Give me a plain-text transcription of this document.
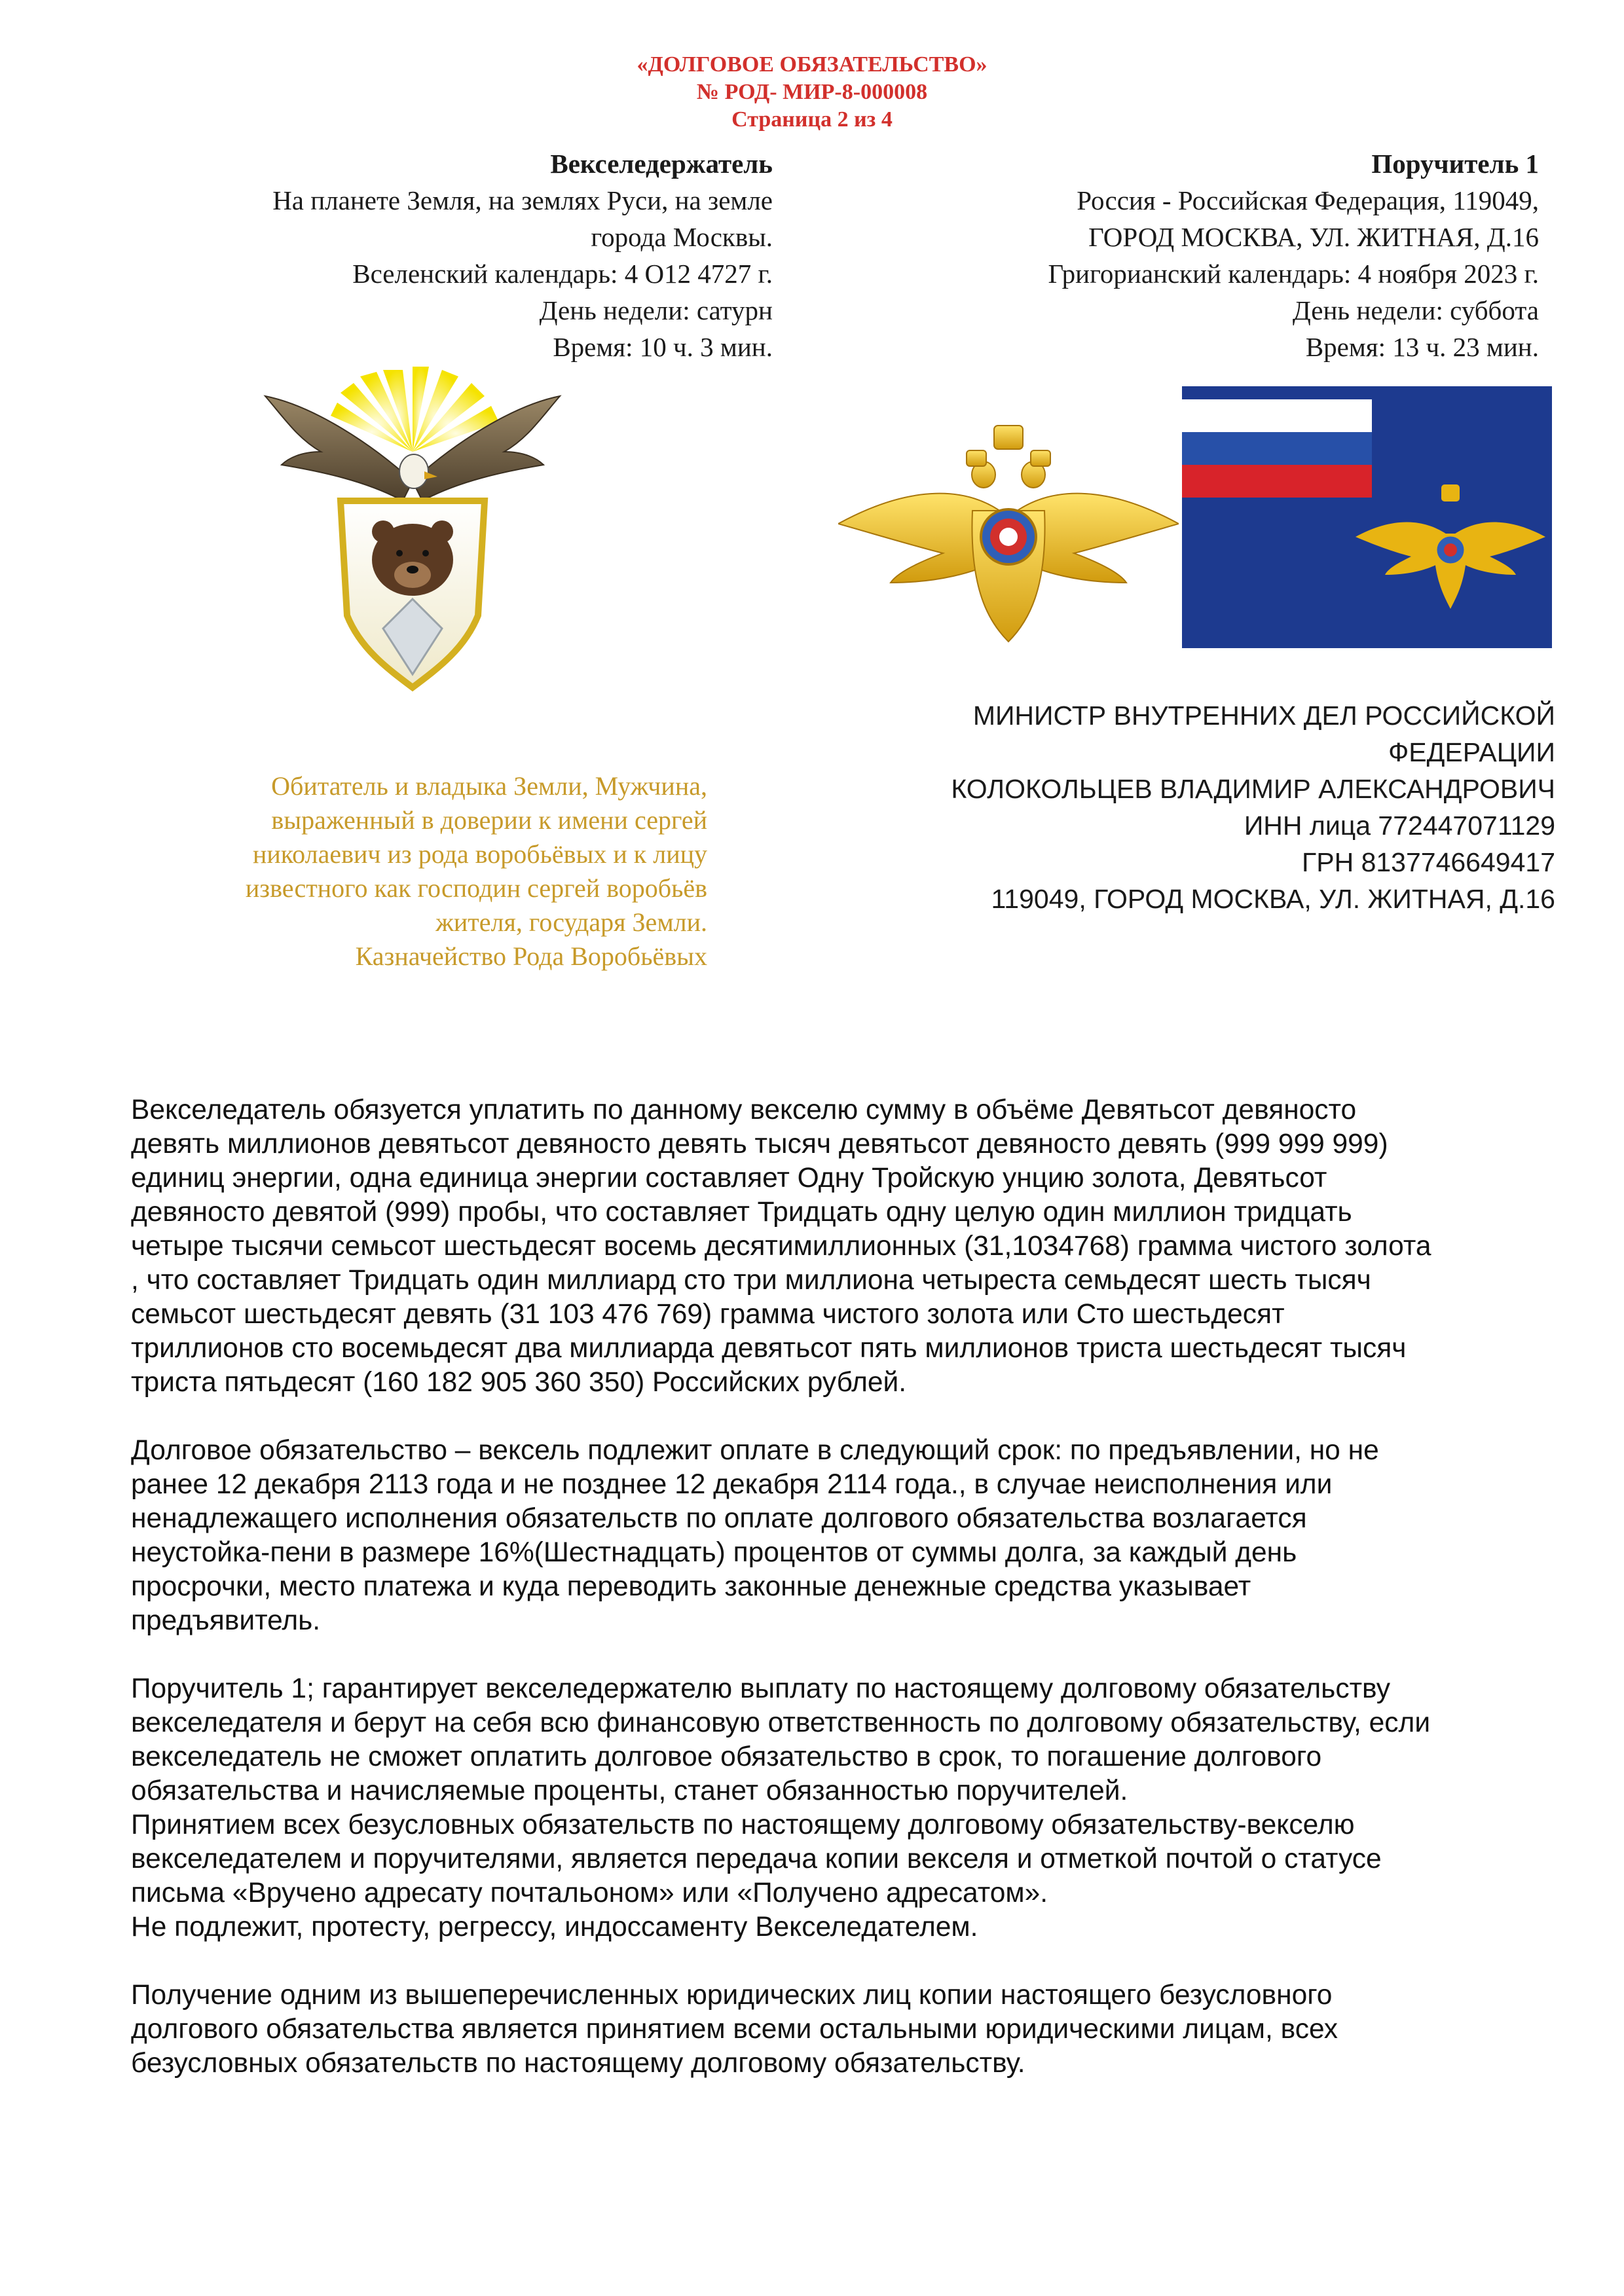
«ДОЛГОВОЕ ОБЯЗАТЕЛЬСТВО»
№ РОД- МИР-8-000008
Страница 2 из 4
Векселедержатель
На планете Земля, на землях Руси, на земле
города Москвы.
Вселенский календарь: 4 О12 4727 г.
День недели: сатурн
Время: 10 ч. 3 мин.
Поручитель 1
Россия - Российская Федерация, 119049,
ГОРОД МОСКВА, УЛ. ЖИТНАЯ, Д.16
Григорианский календарь: 4 ноября 2023 г.
День недели: суббота
Время: 13 ч. 23 мин.
МИНИСТР ВНУТРЕННИХ ДЕЛ РОССИЙСКОЙ
ФЕДЕРАЦИИ
КОЛОКОЛЬЦЕВ ВЛАДИМИР АЛЕКСАНДРОВИЧ
ИНН лица 772447071129
ГРН 8137746649417
119049, ГОРОД МОСКВА, УЛ. ЖИТНАЯ, Д.16
Обитатель и владыка Земли, Мужчина,
выраженный в доверии к имени сергей
николаевич из рода воробьёвых и к лицу
известного как господин сергей воробьёв
жителя, государя Земли.
Казначейство Рода Воробьёвых
Векселедатель обязуется уплатить по данному векселю сумму в объёме Девятьсот девяносто
девять миллионов девятьсот девяносто девять тысяч девятьсот девяносто девять (999 999 999)
единиц энергии, одна единица энергии составляет Одну Тройскую унцию золота, Девятьсот
девяносто девятой (999) пробы, что составляет Тридцать одну целую один миллион тридцать
четыре тысячи семьсот шестьдесят восемь десятимиллионных (31,1034768) грамма чистого золота
, что составляет Тридцать один миллиард сто три миллиона четыреста семьдесят шесть тысяч
семьсот шестьдесят девять (31 103 476 769) грамма чистого золота или Сто шестьдесят
триллионов сто восемьдесят два миллиарда девятьсот пять миллионов триста шестьдесят тысяч
триста пятьдесят (160 182 905 360 350) Российских рублей.
Долговое обязательство – вексель подлежит оплате в следующий срок: по предъявлении, но не
ранее 12 декабря 2113 года и не позднее 12 декабря 2114 года., в случае неисполнения или
ненадлежащего исполнения обязательств по оплате долгового обязательства возлагается
неустойка-пени в размере 16%(Шестнадцать) процентов от суммы долга, за каждый день
просрочки, место платежа и куда переводить законные денежные средства указывает
предъявитель.
Поручитель 1; гарантирует векселедержателю выплату по настоящему долговому обязательству
векселедателя и берут на себя всю финансовую ответственность по долговому обязательству, если
векселедатель не сможет оплатить долговое обязательство в срок, то погашение долгового
обязательства и начисляемые проценты, станет обязанностью поручителей.
Принятием всех безусловных обязательств по настоящему долговому обязательству-векселю
векселедателем и поручителями, является передача копии векселя и отметкой почтой о статусе
письма «Вручено адресату почтальоном» или «Получено адресатом».
Не подлежит, протесту, регрессу, индоссаменту Векселедателем.
Получение одним из вышеперечисленных юридических лиц копии настоящего безусловного
долгового обязательства является принятием всеми остальными юридическими лицам, всех
безусловных обязательств по настоящему долговому обязательству.
